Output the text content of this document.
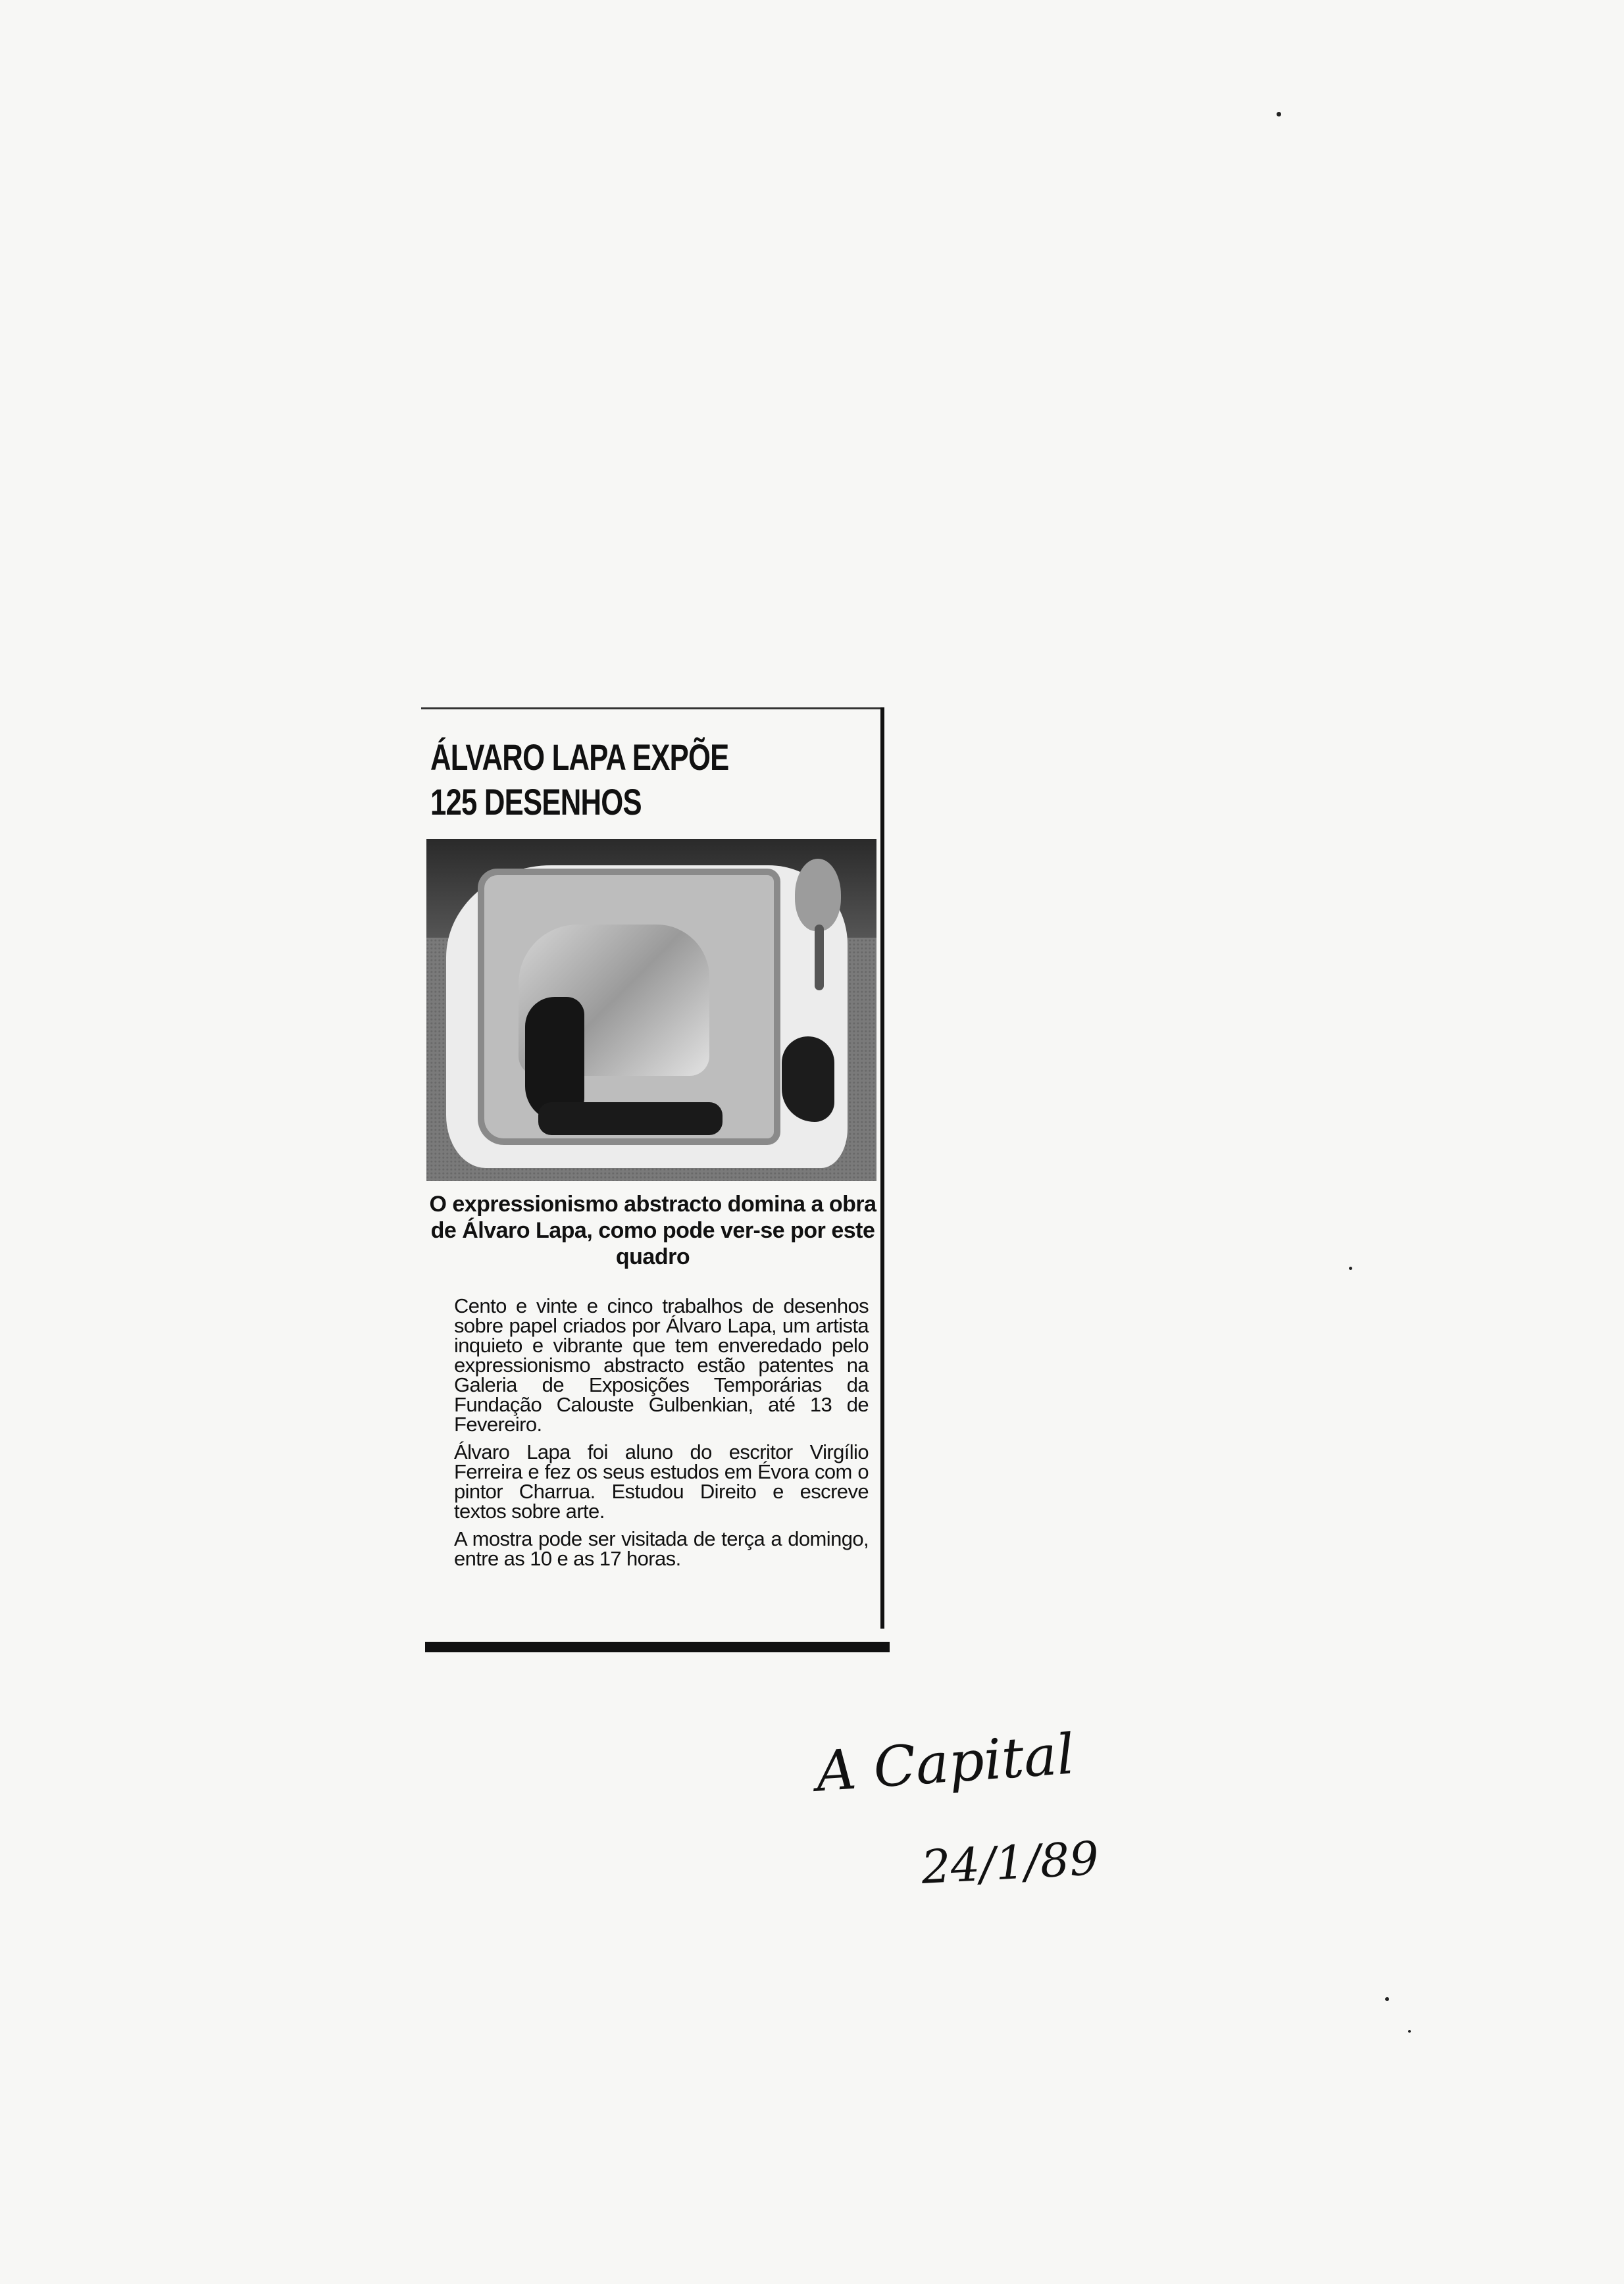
ÁLVARO LAPA EXPÕE
125 DESENHOS

O expressionismo abstracto domina a obra de Álvaro Lapa, como pode ver-se por este quadro

Cento e vinte e cinco trabalhos de desenhos sobre papel criados por Álvaro Lapa, um artista inquieto e vibrante que tem enveredado pelo expressionismo abstracto estão patentes na Galeria de Exposições Temporárias da Fundação Calouste Gulbenkian, até 13 de Fevereiro.

Álvaro Lapa foi aluno do escritor Virgílio Ferreira e fez os seus estudos em Évora com o pintor Charrua. Estudou Direito e escreve textos sobre arte.

A mostra pode ser visitada de terça a domingo, entre as 10 e as 17 horas.

A Capital
24/1/89
